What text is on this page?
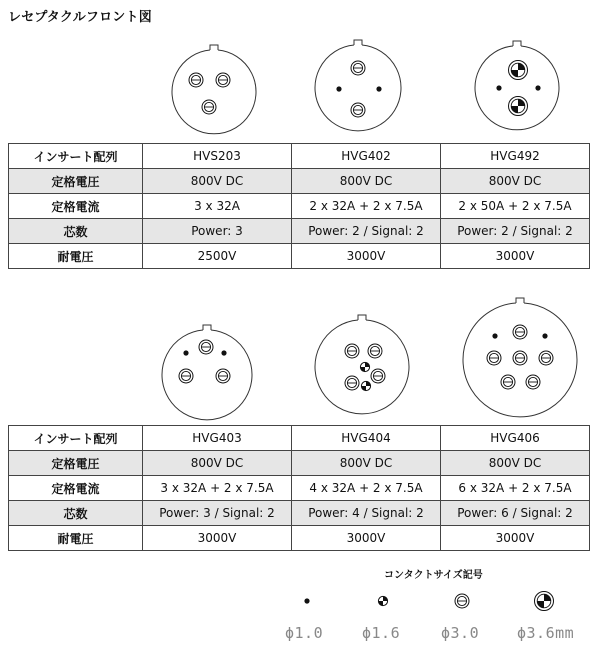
レセプタクルフロント図
インサート配列	HVS203	HVG402	HVG492
定格電圧	800V DC	800V DC	800V DC
定格電流	3 x 32A	2 x 32A + 2 x 7.5A	2 x 50A + 2 x 7.5A
芯数	Power: 3	Power: 2 / Signal: 2	Power: 2 / Signal: 2
耐電圧	2500V	3000V	3000V
インサート配列	HVG403	HVG404	HVG406
定格電圧	800V DC	800V DC	800V DC
定格電流	3 x 32A + 2 x 7.5A	4 x 32A + 2 x 7.5A	6 x 32A + 2 x 7.5A
芯数	Power: 3 / Signal: 2	Power: 4 / Signal: 2	Power: 6 / Signal: 2
耐電圧	3000V	3000V	3000V
コンタクトサイズ記号
ϕ1.0	ϕ1.6	ϕ3.0	ϕ3.6mm
